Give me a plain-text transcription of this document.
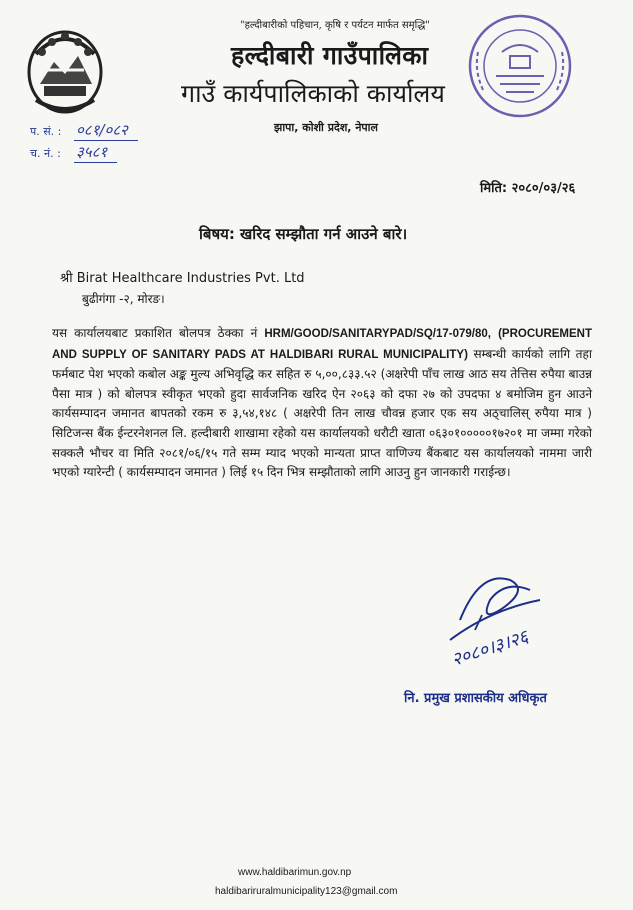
"हल्दीबारीको पहिचान, कृषि र पर्यटन मार्फत समृद्धि"
हल्दीबारी गाउँपालिका
गाउँ कार्यपालिकाको कार्यालय
झापा, कोशी प्रदेश, नेपाल
प. सं. : ०८१/०८२
च. नं. : ३५८१
मिति: २०८०/०३/२६
बिषय: खरिद सम्झौता गर्न आउने बारे।
श्री Birat Healthcare Industries Pvt. Ltd
बुढीगंगा -२, मोरङ।
यस कार्यालयबाट प्रकाशित बोलपत्र ठेक्का नं HRM/GOOD/SANITARYPAD/SQ/17-079/80, (PROCUREMENT AND SUPPLY OF SANITARY PADS AT HALDIBARI RURAL MUNICIPALITY) सम्बन्धी कार्यको लागि तहा फर्मबाट पेश भएको कबोल अङ्क मुल्य अभिवृद्धि कर सहित रु ५,००,८३३.५२ (अक्षरेपी पाँच लाख आठ सय तेत्तिस रुपैया बाउन्न पैसा मात्र ) को बोलपत्र स्वीकृत भएको हुदा सार्वजनिक खरिद ऐन २०६३ को दफा २७ को उपदफा ४ बमोजिम हुन आउने कार्यसम्पादन जमानत बापतको रकम रु ३,५४,१४८ ( अक्षरेपी तिन लाख चौवन्न हजार एक सय अठ्चालिस् रुपैया मात्र ) सिटिजन्स बैंक ईन्टरनेशनल लि. हल्दीबारी शाखामा रहेको यस कार्यालयको धरौटी खाता ०६३०१०००००१७२०१ मा जम्मा गरेको सक्कलै भौचर वा मिति २०८१/०६/१५ गते सम्म म्याद भएको मान्यता प्राप्त वाणिज्य बैंकबाट यस कार्यालयको नाममा जारी भएको ग्यारेन्टी ( कार्यसम्पादन जमानत ) लिई १५ दिन भित्र सम्झौताको लागि आउनु हुन जानकारी गराईन्छ।
२०८०।३।२६
नि. प्रमुख प्रशासकीय अधिकृत
www.haldibarimun.gov.np
haldibariruralmunicipality123@gmail.com
